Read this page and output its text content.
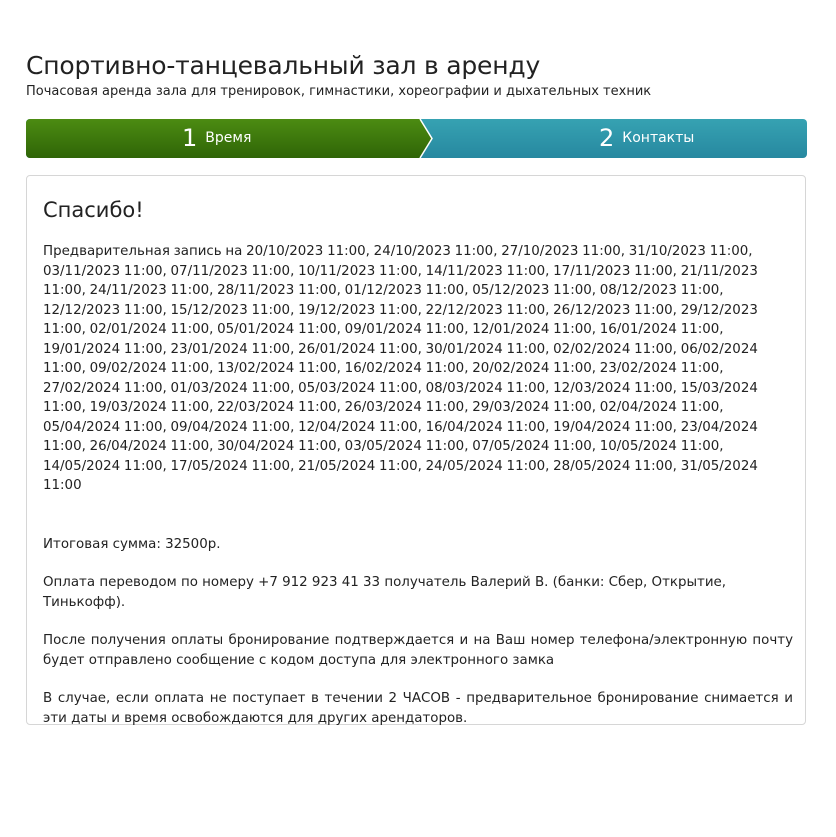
Спортивно-танцевальный зал в аренду
Почасовая аренда зала для тренировок, гимнастики, хореографии и дыхательных техник
1 Время	2 Контакты
Спасибо!

Предварительная запись на 20/10/2023 11:00, 24/10/2023 11:00, 27/10/2023 11:00, 31/10/2023 11:00, 03/11/2023 11:00, 07/11/2023 11:00, 10/11/2023 11:00, 14/11/2023 11:00, 17/11/2023 11:00, 21/11/2023 11:00, 24/11/2023 11:00, 28/11/2023 11:00, 01/12/2023 11:00, 05/12/2023 11:00, 08/12/2023 11:00, 12/12/2023 11:00, 15/12/2023 11:00, 19/12/2023 11:00, 22/12/2023 11:00, 26/12/2023 11:00, 29/12/2023 11:00, 02/01/2024 11:00, 05/01/2024 11:00, 09/01/2024 11:00, 12/01/2024 11:00, 16/01/2024 11:00, 19/01/2024 11:00, 23/01/2024 11:00, 26/01/2024 11:00, 30/01/2024 11:00, 02/02/2024 11:00, 06/02/2024 11:00, 09/02/2024 11:00, 13/02/2024 11:00, 16/02/2024 11:00, 20/02/2024 11:00, 23/02/2024 11:00, 27/02/2024 11:00, 01/03/2024 11:00, 05/03/2024 11:00, 08/03/2024 11:00, 12/03/2024 11:00, 15/03/2024 11:00, 19/03/2024 11:00, 22/03/2024 11:00, 26/03/2024 11:00, 29/03/2024 11:00, 02/04/2024 11:00, 05/04/2024 11:00, 09/04/2024 11:00, 12/04/2024 11:00, 16/04/2024 11:00, 19/04/2024 11:00, 23/04/2024 11:00, 26/04/2024 11:00, 30/04/2024 11:00, 03/05/2024 11:00, 07/05/2024 11:00, 10/05/2024 11:00, 14/05/2024 11:00, 17/05/2024 11:00, 21/05/2024 11:00, 24/05/2024 11:00, 28/05/2024 11:00, 31/05/2024 11:00

Итоговая сумма: 32500р.

Оплата переводом по номеру +7 912 923 41 33 получатель Валерий В. (банки: Сбер, Открытие, Тинькофф).

После получения оплаты бронирование подтверждается и на Ваш номер телефона/электронную почту будет отправлено сообщение с кодом доступа для электронного замка

В случае, если оплата не поступает в течении 2 ЧАСОВ - предварительное бронирование снимается и эти даты и время освобождаются для других арендаторов.
